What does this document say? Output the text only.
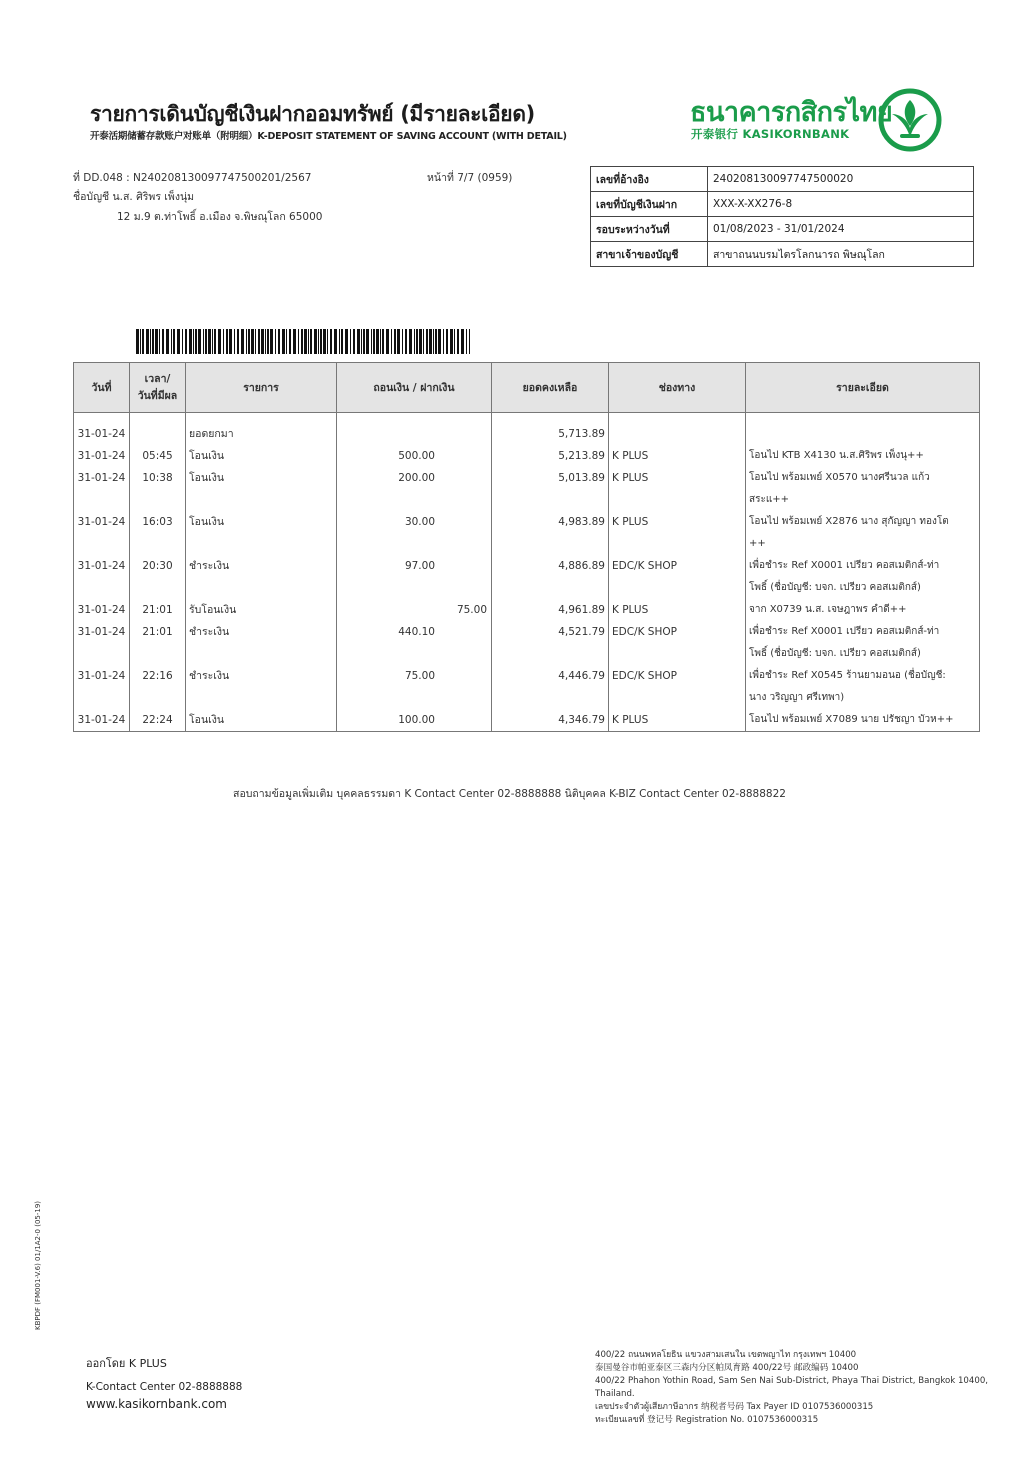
รายการเดินบัญชีเงินฝากออมทรัพย์ (มีรายละเอียด)
开泰活期储蓄存款账户对账单（附明细）K-DEPOSIT STATEMENT OF SAVING ACCOUNT (WITH DETAIL)
ธนาคารกสิกรไทย
开泰银行 KASIKORNBANK
ที่ DD.048 : N240208130097747500201/2567	หน้าที่ 7/7 (0959)
ชื่อบัญชี น.ส. ศิริพร เพ็งนุ่ม
12 ม.9 ต.ท่าโพธิ์ อ.เมือง จ.พิษณุโลก 65000
เลขที่อ้างอิง	240208130097747500020
เลขที่บัญชีเงินฝาก	XXX-X-XX276-8
รอบระหว่างวันที่	01/08/2023 - 31/01/2024
สาขาเจ้าของบัญชี	สาขาถนนบรมไตรโลกนารถ พิษณุโลก
วันที่	เวลา/
วันที่มีผล	รายการ	ถอนเงิน / ฝากเงิน	ยอดคงเหลือ	ช่องทาง	รายละเอียด

31-01-24		ยอดยกมา		5,713.89		
31-01-24	05:45	โอนเงิน	500.00	5,213.89	K PLUS	โอนไป KTB X4130 น.ส.ศิริพร เพ็งนุ++
31-01-24	10:38	โอนเงิน	200.00	5,013.89	K PLUS	โอนไป พร้อมเพย์ X0570 นางศรีนวล แก้ว
สระแ++
31-01-24	16:03	โอนเงิน	30.00	4,983.89	K PLUS	โอนไป พร้อมเพย์ X2876 นาง สุกัญญา ทองโต
++
31-01-24	20:30	ชำระเงิน	97.00	4,886.89	EDC/K SHOP	เพื่อชำระ Ref X0001 เปรียว คอสเมติกส์-ท่า
โพธิ์ (ชื่อบัญชี: บจก. เปรียว คอสเมติกส์)
31-01-24	21:01	รับโอนเงิน	75.00	4,961.89	K PLUS	จาก X0739 น.ส. เจษฎาพร คำดี++
31-01-24	21:01	ชำระเงิน	440.10	4,521.79	EDC/K SHOP	เพื่อชำระ Ref X0001 เปรียว คอสเมติกส์-ท่า
โพธิ์ (ชื่อบัญชี: บจก. เปรียว คอสเมติกส์)
31-01-24	22:16	ชำระเงิน	75.00	4,446.79	EDC/K SHOP	เพื่อชำระ Ref X0545 ร้านยามอนอ (ชื่อบัญชี:
นาง วริญญา ศรีเทพา)
31-01-24	22:24	โอนเงิน	100.00	4,346.79	K PLUS	โอนไป พร้อมเพย์ X7089 นาย ปรัชญา บัวห++
สอบถามข้อมูลเพิ่มเติม บุคคลธรรมดา K Contact Center 02-8888888 นิติบุคคล K-BIZ Contact Center 02-8888822
KBPDF (FM001-V.6) 01/1A2-0 (05-19)
ออกโดย K PLUS
K-Contact Center 02-8888888
www.kasikornbank.com
400/22 ถนนพหลโยธิน แขวงสามเสนใน เขตพญาไท กรุงเทพฯ 10400
泰国曼谷市帕亚泰区三森内分区帕凤育路 400/22号 邮政编码 10400
400/22 Phahon Yothin Road, Sam Sen Nai Sub-District, Phaya Thai District, Bangkok 10400, Thailand.
เลขประจำตัวผู้เสียภาษีอากร 纳税者号码 Tax Payer ID 0107536000315
ทะเบียนเลขที่ 登记号 Registration No. 0107536000315
